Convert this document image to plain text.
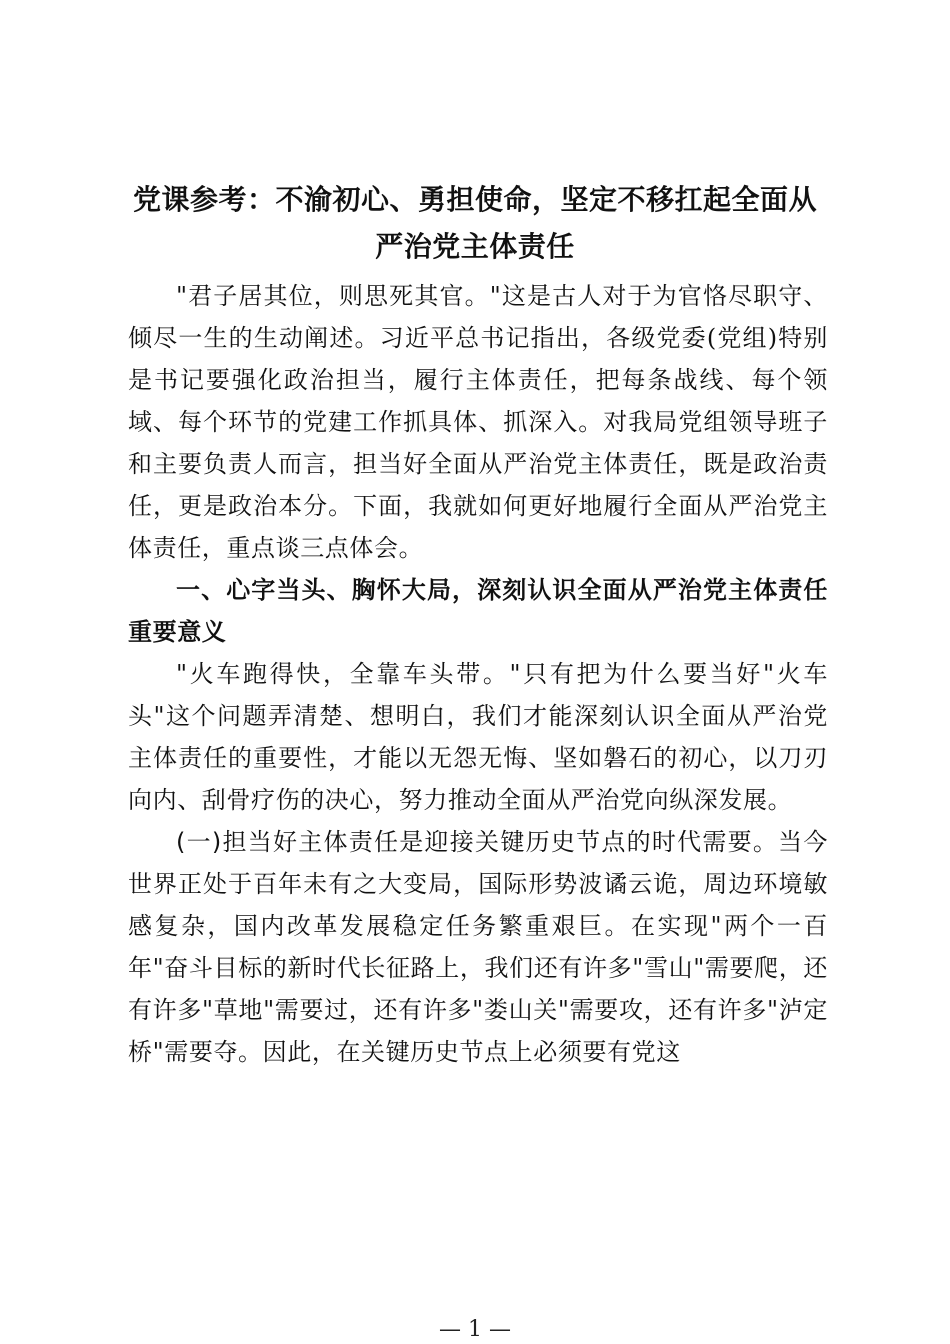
党课参考：不渝初心、勇担使命，坚定不移扛起全面从严治党主体责任

"君子居其位，则思死其官。"这是古人对于为官恪尽职守、倾尽一生的生动阐述。习近平总书记指出，各级党委(党组)特别是书记要强化政治担当，履行主体责任，把每条战线、每个领域、每个环节的党建工作抓具体、抓深入。对我局党组领导班子和主要负责人而言，担当好全面从严治党主体责任，既是政治责任，更是政治本分。下面，我就如何更好地履行全面从严治党主体责任，重点谈三点体会。

一、心字当头、胸怀大局，深刻认识全面从严治党主体责任重要意义

"火车跑得快，全靠车头带。"只有把为什么要当好"火车头"这个问题弄清楚、想明白，我们才能深刻认识全面从严治党主体责任的重要性，才能以无怨无悔、坚如磐石的初心，以刀刃向内、刮骨疗伤的决心，努力推动全面从严治党向纵深发展。

(一)担当好主体责任是迎接关键历史节点的时代需要。当今世界正处于百年未有之大变局，国际形势波谲云诡，周边环境敏感复杂，国内改革发展稳定任务繁重艰巨。在实现"两个一百年"奋斗目标的新时代长征路上，我们还有许多"雪山"需要爬，还有许多"草地"需要过，还有许多"娄山关"需要攻，还有许多"泸定桥"需要夺。因此，在关键历史节点上必须要有党这

— 1 —
